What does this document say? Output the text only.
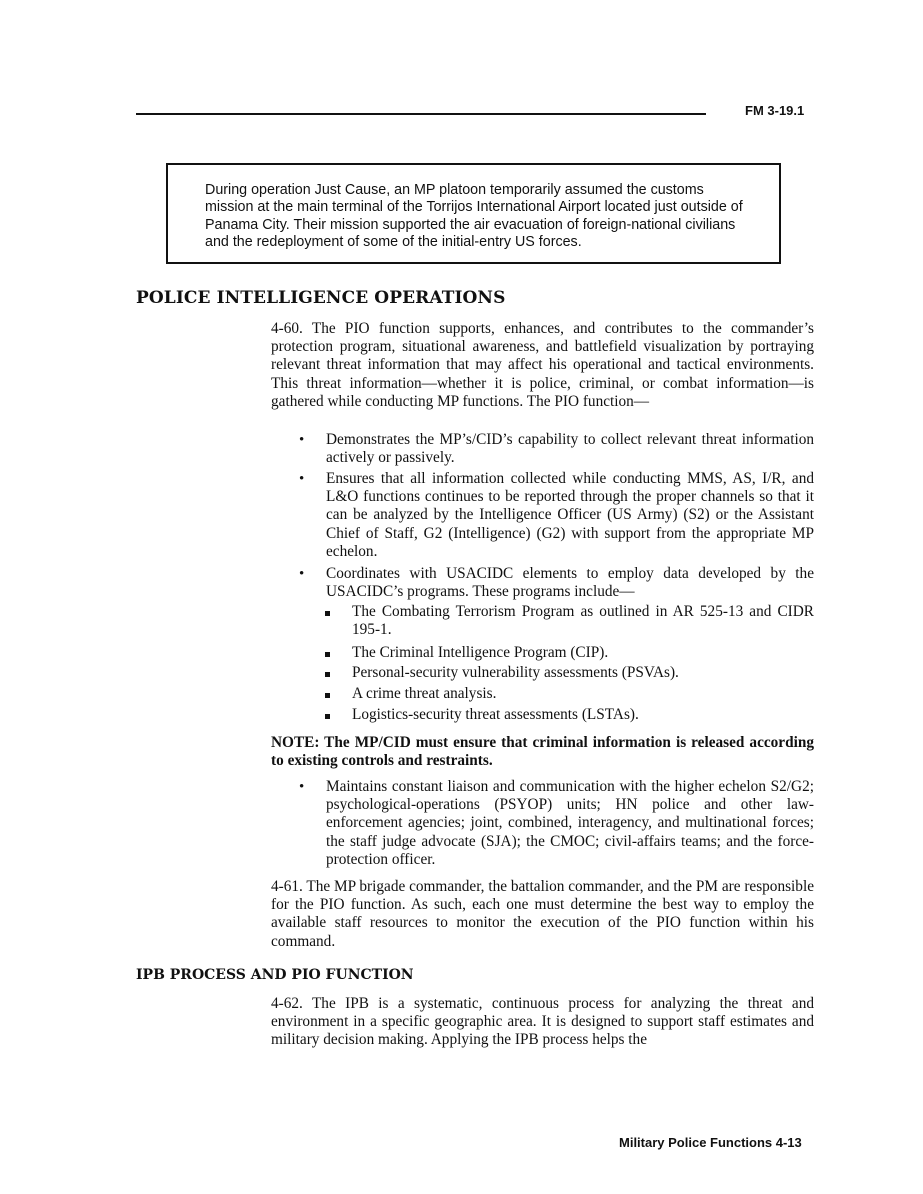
FM 3-19.1

During operation Just Cause, an MP platoon temporarily assumed the customs mission at the main terminal of the Torrijos International Airport located just outside of Panama City. Their mission supported the air evacuation of foreign-national civilians and the redeployment of some of the initial-entry US forces.

POLICE INTELLIGENCE OPERATIONS

4-60. The PIO function supports, enhances, and contributes to the commander’s protection program, situational awareness, and battlefield visualization by portraying relevant threat information that may affect his operational and tactical environments. This threat information—whether it is police, criminal, or combat information—is gathered while conducting MP functions. The PIO function—

•	Demonstrates the MP’s/CID’s capability to collect relevant threat information actively or passively.

•	Ensures that all information collected while conducting MMS, AS, I/R, and L&O functions continues to be reported through the proper channels so that it can be analyzed by the Intelligence Officer (US Army) (S2) or the Assistant Chief of Staff, G2 (Intelligence) (G2) with support from the appropriate MP echelon.

•	Coordinates with USACIDC elements to employ data developed by the USACIDC’s programs. These programs include—

The Combating Terrorism Program as outlined in AR 525-13 and CIDR 195-1.

The Criminal Intelligence Program (CIP).

Personal-security vulnerability assessments (PSVAs).

A crime threat analysis.

Logistics-security threat assessments (LSTAs).

NOTE: The MP/CID must ensure that criminal information is released according to existing controls and restraints.

•	Maintains constant liaison and communication with the higher echelon S2/G2; psychological-operations (PSYOP) units; HN police and other law-enforcement agencies; joint, combined, interagency, and multinational forces; the staff judge advocate (SJA); the CMOC; civil-affairs teams; and the force-protection officer.

4-61. The MP brigade commander, the battalion commander, and the PM are responsible for the PIO function. As such, each one must determine the best way to employ the available staff resources to monitor the execution of the PIO function within his command.

IPB PROCESS AND PIO FUNCTION

4-62. The IPB is a systematic, continuous process for analyzing the threat and environment in a specific geographic area. It is designed to support staff estimates and military decision making. Applying the IPB process helps the

Military Police Functions 4-13
